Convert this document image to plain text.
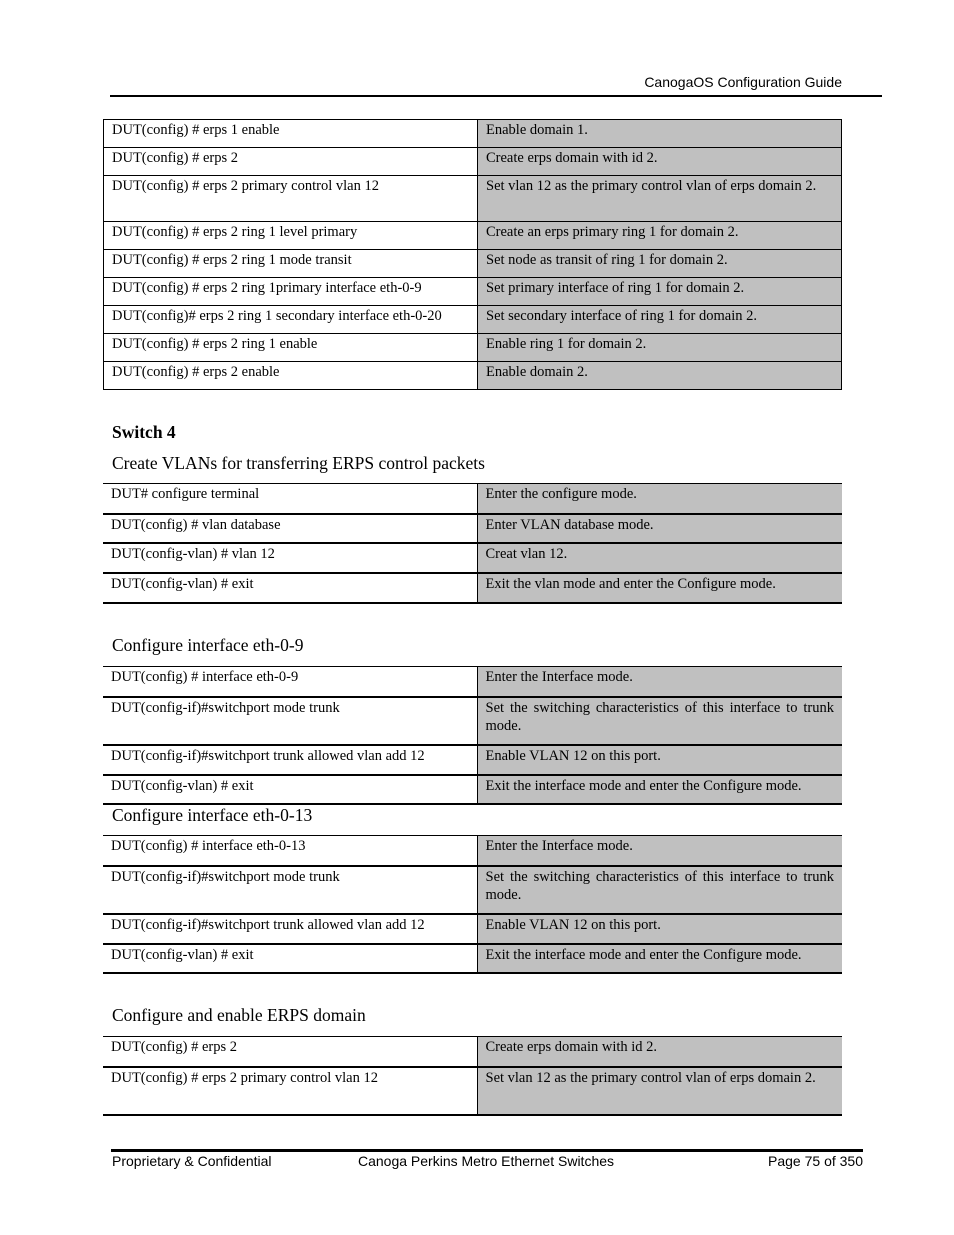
CanogaOS Configuration Guide
DUT(config) # erps 1 enable	Enable domain 1.
DUT(config) # erps 2	Create erps domain with id 2.
DUT(config) # erps 2 primary control vlan 12	Set vlan 12 as the primary control vlan of erps domain 2.
DUT(config) # erps 2 ring 1 level primary	Create an erps primary ring 1 for domain 2.
DUT(config) # erps 2 ring 1 mode transit	Set node as transit of ring 1 for domain 2.
DUT(config) # erps 2 ring 1primary interface eth-0-9	Set primary interface of ring 1 for domain 2.
DUT(config)# erps 2 ring 1 secondary interface eth-0-20	Set secondary interface of ring 1 for domain 2.
DUT(config) # erps 2 ring 1 enable	Enable ring 1 for domain 2.
DUT(config) # erps 2 enable	Enable domain 2.
Switch 4
Create VLANs for transferring ERPS control packets
DUT# configure terminal	Enter the configure mode.
DUT(config) # vlan database	Enter VLAN database mode.
DUT(config-vlan) # vlan 12	Creat vlan 12.
DUT(config-vlan) # exit	Exit the vlan mode and enter the Configure mode.
Configure interface eth-0-9
DUT(config) # interface eth-0-9	Enter the Interface mode.
DUT(config-if)#switchport mode trunk	Set the switching characteristics of this interface to trunk mode.
DUT(config-if)#switchport trunk allowed vlan add 12	Enable VLAN 12 on this port.
DUT(config-vlan) # exit	Exit the interface mode and enter the Configure mode.
Configure interface eth-0-13
DUT(config) # interface eth-0-13	Enter the Interface mode.
DUT(config-if)#switchport mode trunk	Set the switching characteristics of this interface to trunk mode.
DUT(config-if)#switchport trunk allowed vlan add 12	Enable VLAN 12 on this port.
DUT(config-vlan) # exit	Exit the interface mode and enter the Configure mode.
Configure and enable ERPS domain
DUT(config) # erps 2	Create erps domain with id 2.
DUT(config) # erps 2 primary control vlan 12	Set vlan 12 as the primary control vlan of erps domain 2.
Proprietary & Confidential	Canoga Perkins Metro Ethernet Switches	Page 75 of 350
